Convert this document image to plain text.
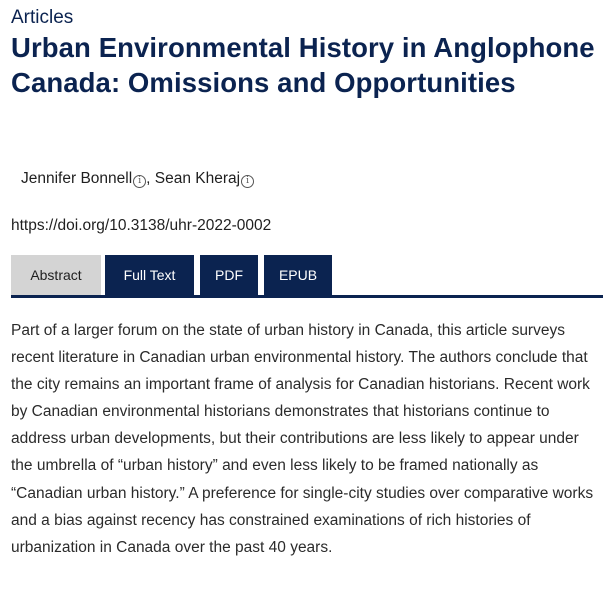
Articles
Urban Environmental History in Anglophone Canada: Omissions and Opportunities
Jennifer Bonnell i , Sean Kheraj i
https://doi.org/10.3138/uhr-2022-0002
Abstract	Full Text	PDF	EPUB

Part of a larger forum on the state of urban history in Canada, this article surveys recent literature in Canadian urban environmental history. The authors conclude that the city remains an important frame of analysis for Canadian historians. Recent work by Canadian environmental historians demonstrates that historians continue to address urban developments, but their contributions are less likely to appear under the umbrella of “urban history” and even less likely to be framed nationally as “Canadian urban history.” A preference for single-city studies over comparative works and a bias against recency has constrained examinations of rich histories of urbanization in Canada over the past 40 years.
